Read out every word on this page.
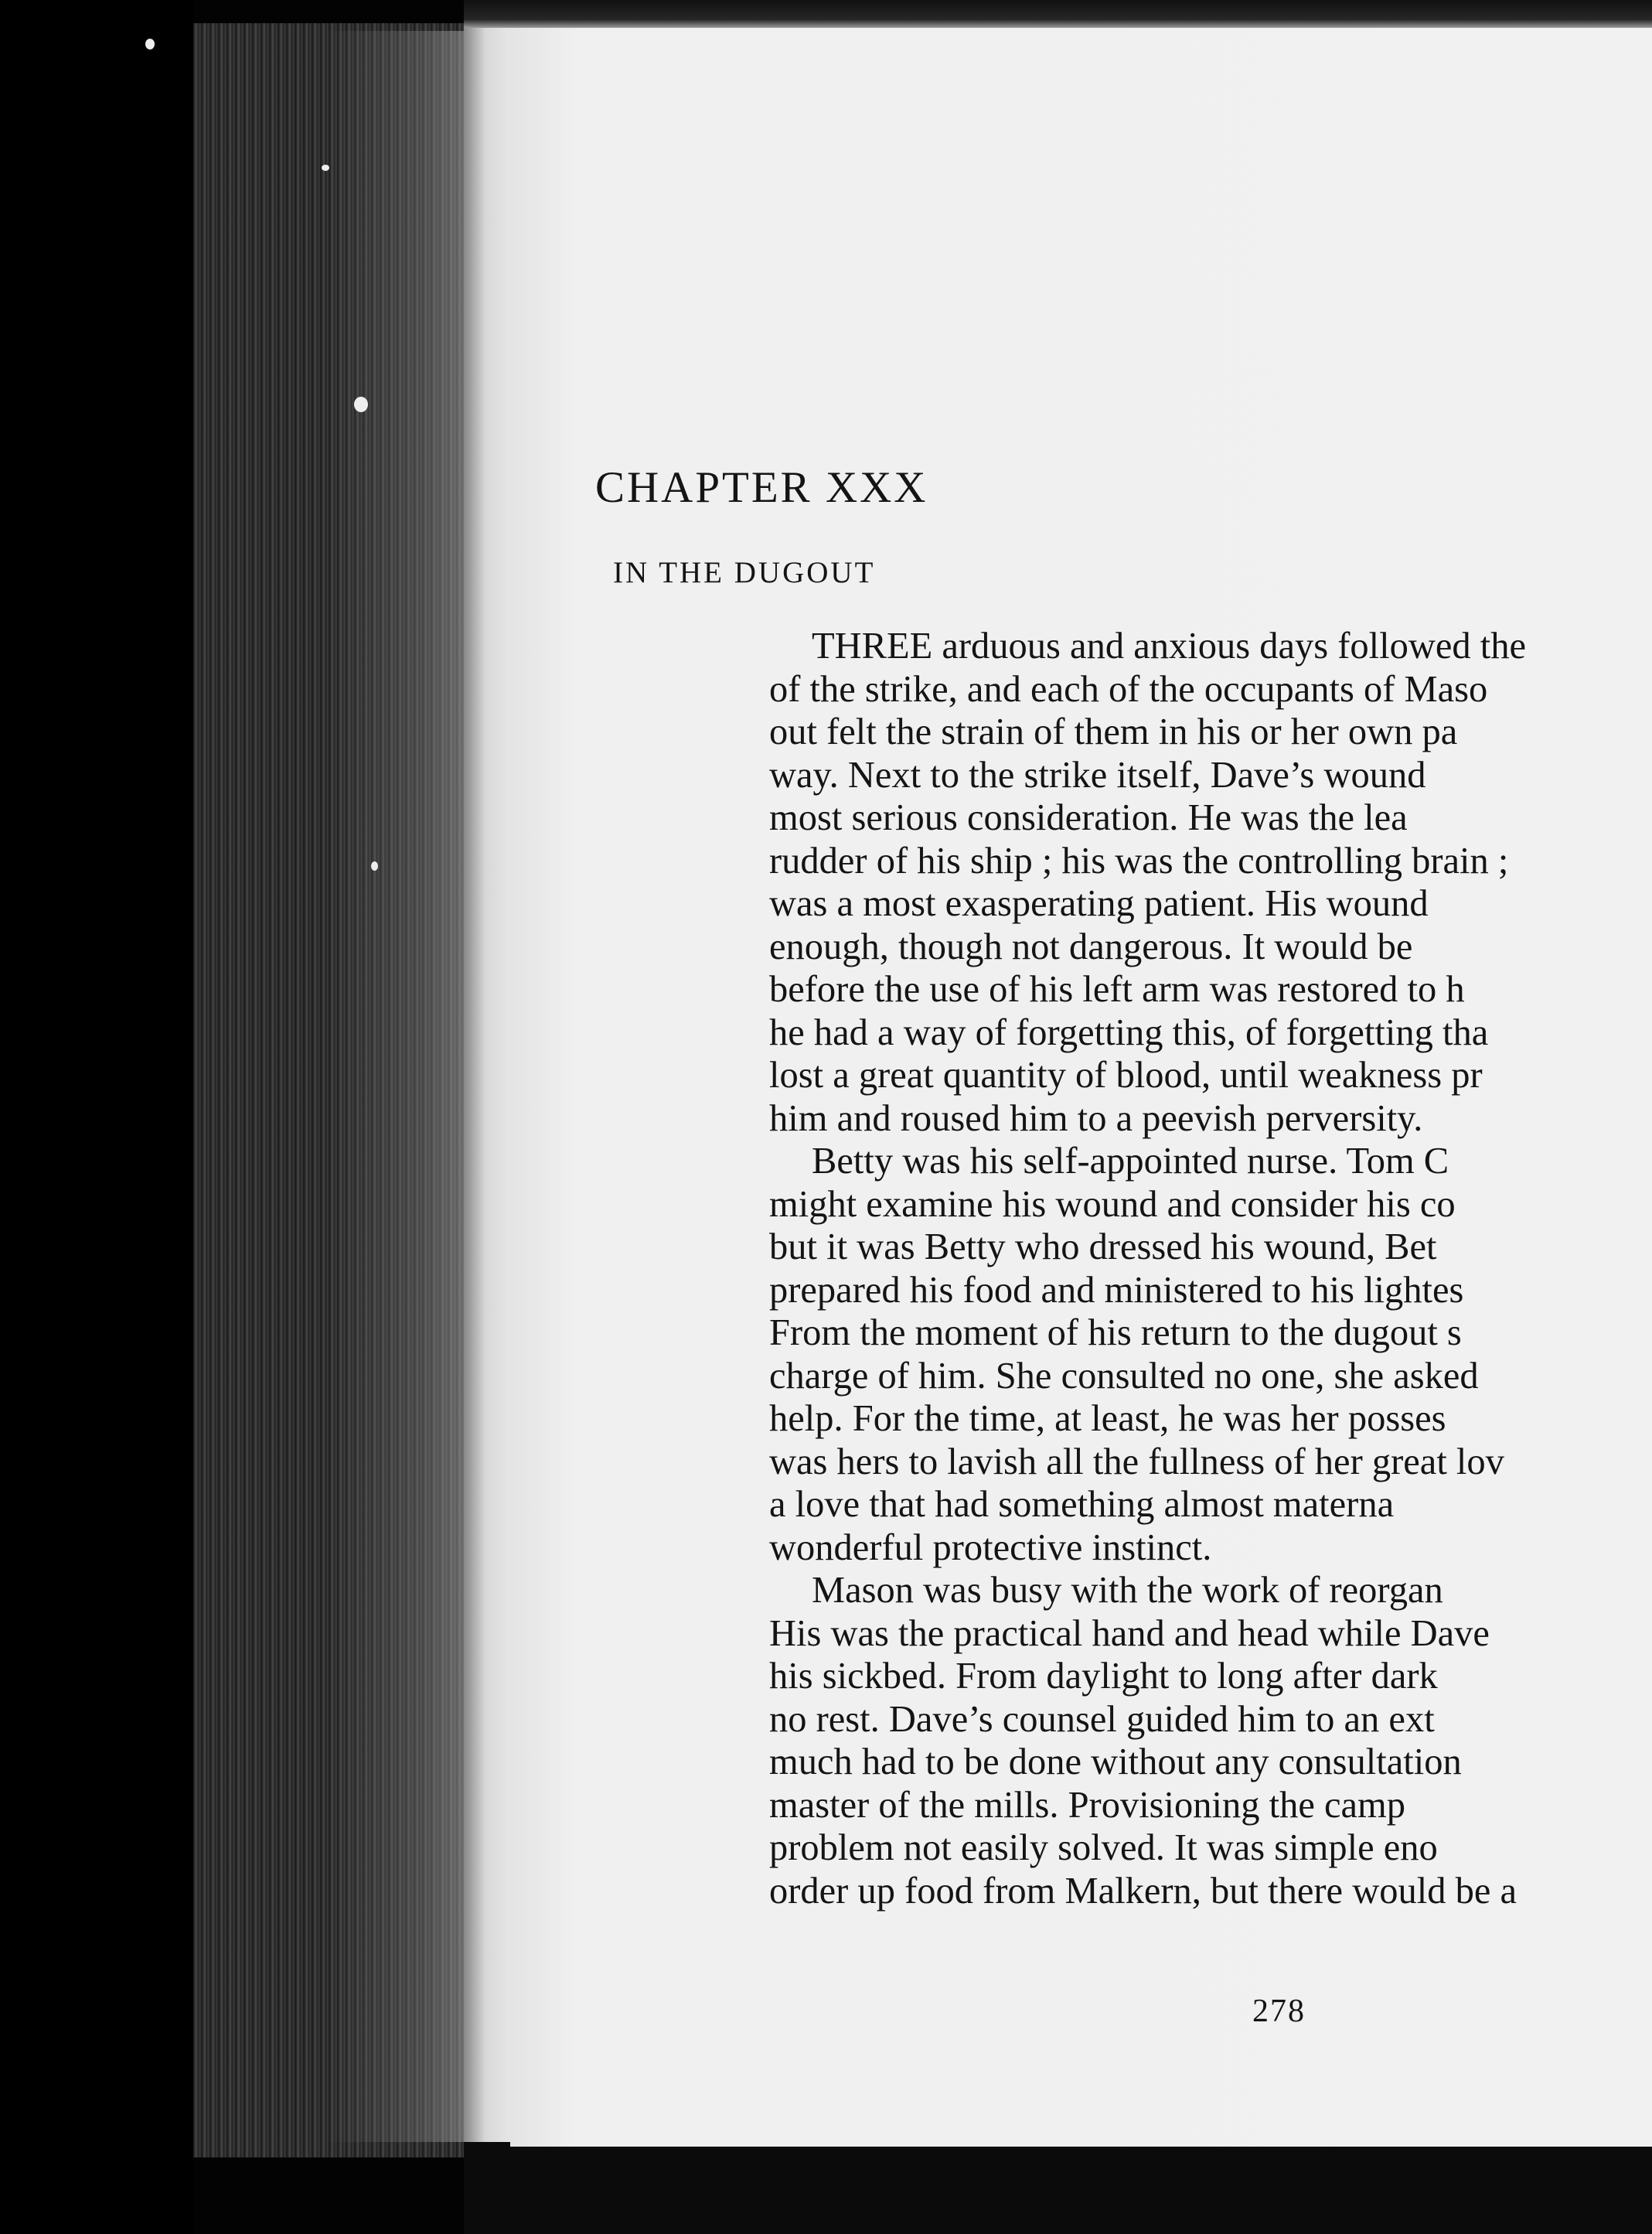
CHAPTER XXX
IN THE DUGOUT
THREE arduous and anxious days followed the
of the strike, and each of the occupants of Maso
out felt the strain of them in his or her own pa
way. Next to the strike itself, Dave’s wound
most serious consideration. He was the lea
rudder of his ship ; his was the controlling brain ;
was a most exasperating patient. His wound
enough, though not dangerous. It would be
before the use of his left arm was restored to h
he had a way of forgetting this, of forgetting tha
lost a great quantity of blood, until weakness pr
him and roused him to a peevish perversity.
Betty was his self-appointed nurse. Tom C
might examine his wound and consider his co
but it was Betty who dressed his wound, Bet
prepared his food and ministered to his lightes
From the moment of his return to the dugout s
charge of him. She consulted no one, she asked
help. For the time, at least, he was her posses
was hers to lavish all the fullness of her great lov
a love that had something almost materna
wonderful protective instinct.
Mason was busy with the work of reorgan
His was the practical hand and head while Dave
his sickbed. From daylight to long after dark
no rest. Dave’s counsel guided him to an ext
much had to be done without any consultation
master of the mills. Provisioning the camp
problem not easily solved. It was simple eno
order up food from Malkern, but there would be a
278
